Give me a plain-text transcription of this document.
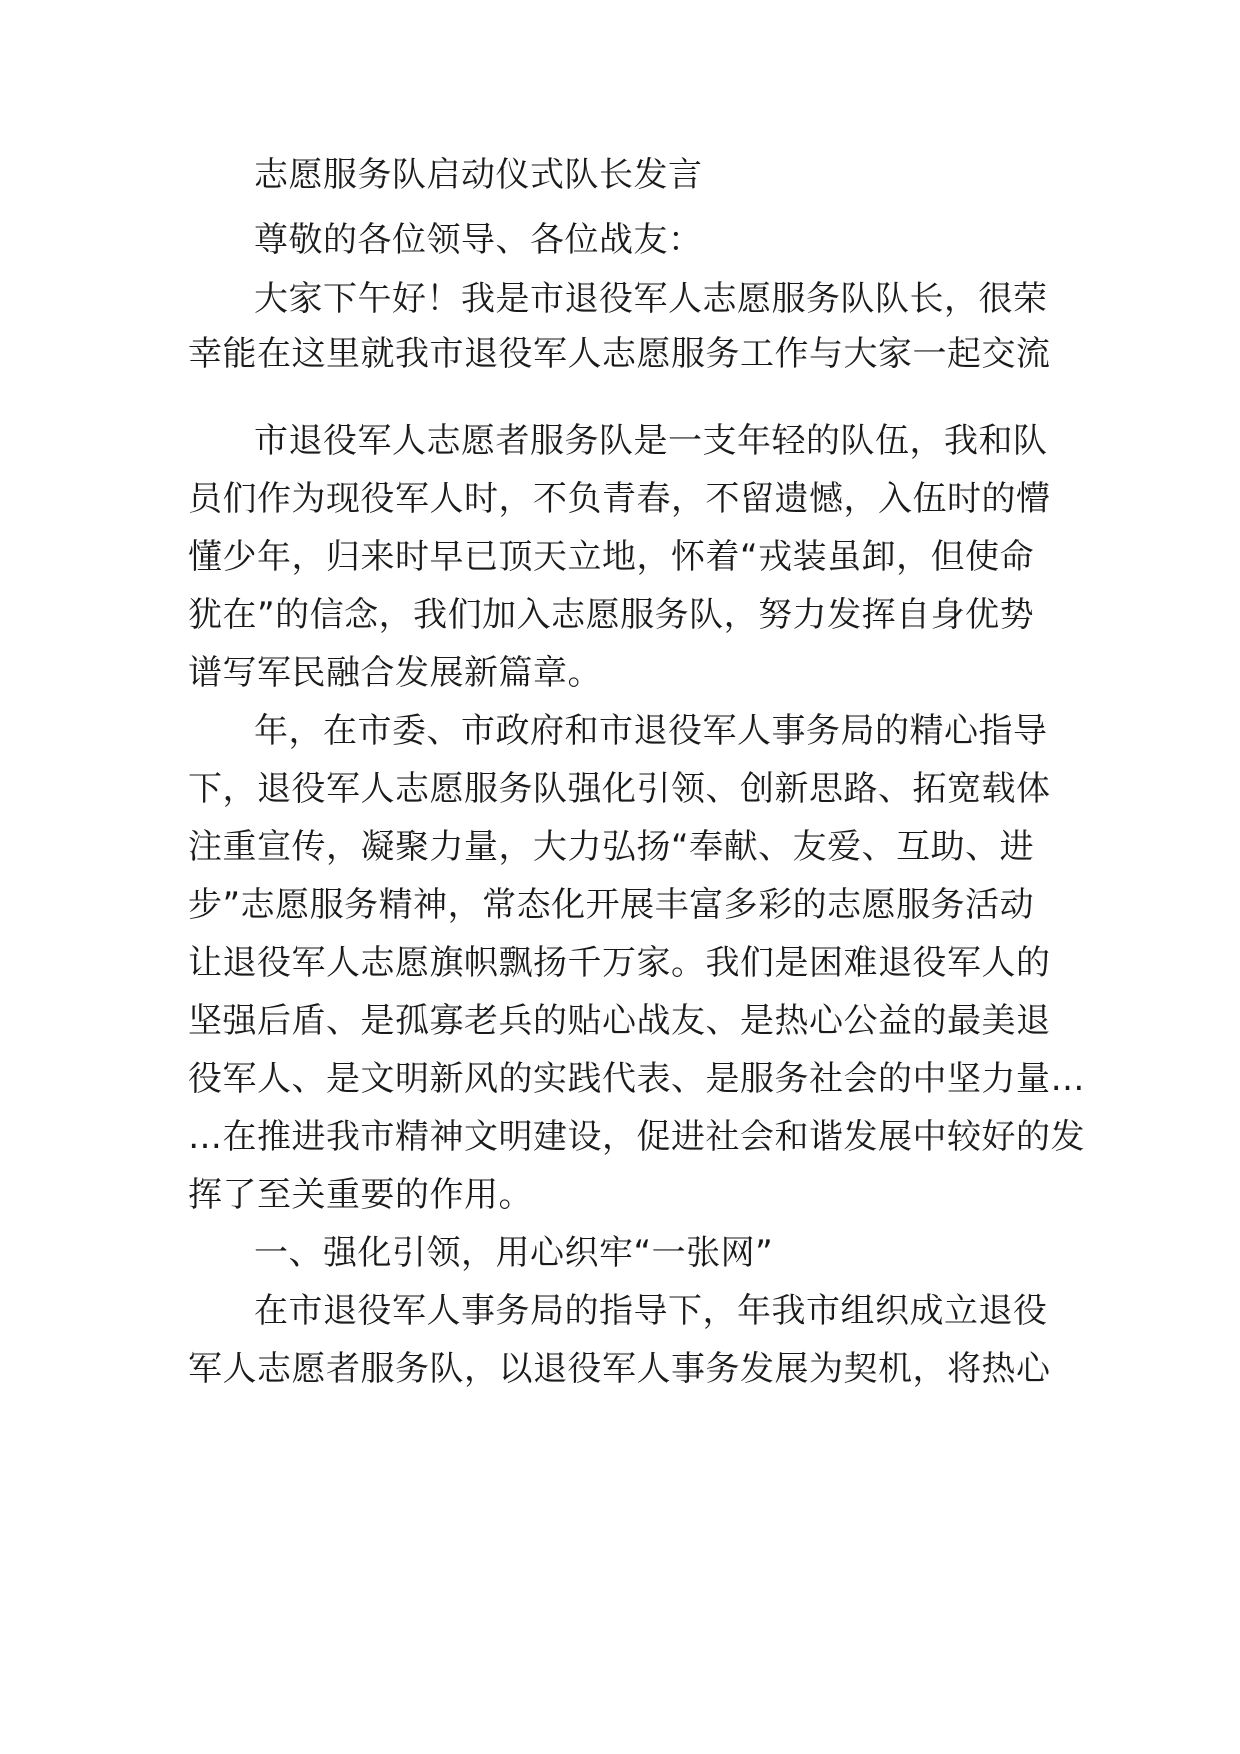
志愿服务队启动仪式队长发言
尊敬的各位领导、各位战友：
大家下午好！我是市退役军人志愿服务队队长，很荣
幸能在这里就我市退役军人志愿服务工作与大家一起交流
市退役军人志愿者服务队是一支年轻的队伍，我和队
员们作为现役军人时，不负青春，不留遗憾，入伍时的懵
懂少年，归来时早已顶天立地，怀着“戎装虽卸，但使命
犹在”的信念，我们加入志愿服务队，努力发挥自身优势
谱写军民融合发展新篇章。
年，在市委、市政府和市退役军人事务局的精心指导
下，退役军人志愿服务队强化引领、创新思路、拓宽载体
注重宣传，凝聚力量，大力弘扬“奉献、友爱、互助、进
步”志愿服务精神，常态化开展丰富多彩的志愿服务活动
让退役军人志愿旗帜飘扬千万家。我们是困难退役军人的
坚强后盾、是孤寡老兵的贴心战友、是热心公益的最美退
役军人、是文明新风的实践代表、是服务社会的中坚力量…
…在推进我市精神文明建设，促进社会和谐发展中较好的发
挥了至关重要的作用。
一、强化引领，用心织牢“一张网”
在市退役军人事务局的指导下，年我市组织成立退役
军人志愿者服务队，以退役军人事务发展为契机，将热心
